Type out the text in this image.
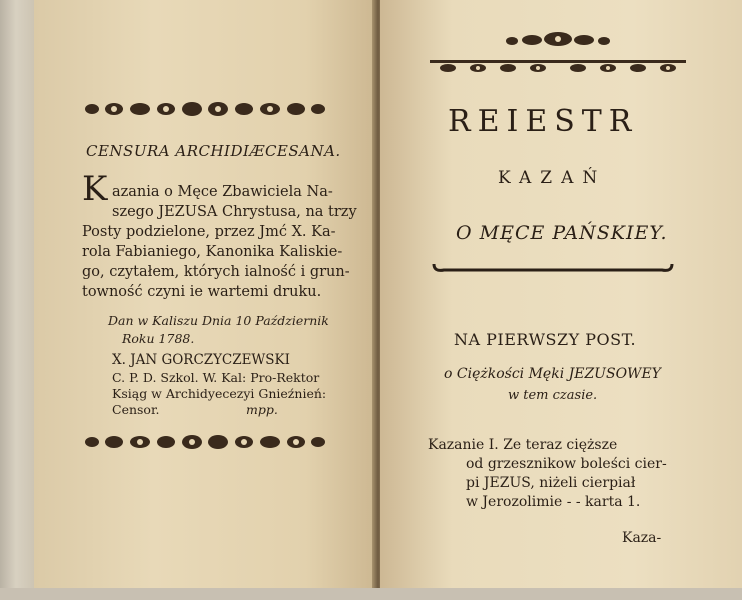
CENSURA ARCHIDIÆCESANA.
K azania o Męce Zbawiciela Na-
szego JEZUSA Chrystusa, na trzy
Posty podzielone, przez Jmć X. Ka-
rola Fabianiego, Kanonika Kaliskie-
go, czytałem, których ialność i grun-
towność czyni ie wartemi druku.
Dan w Kaliszu Dnia 10 Październik
Roku 1788.
X. JAN GORCZYCZEWSKI
C. P. D. Szkol. W. Kal: Pro-Rektor
Ksiąg w Archidyecezyi Gnieźnień:
Censor.	mpp.
REIESTR
KAZAŃ
O MĘCE PAŃSKIEY.
NA PIERWSZY POST.
o Ciężkości Męki JEZUSOWEY
w tem czasie.
Kazanie I. Ze teraz cięższe
od grzesznikow boleści cier-
pi JEZUS, niżeli cierpiał
w Jerozolimie - - karta 1.
Kaza-
